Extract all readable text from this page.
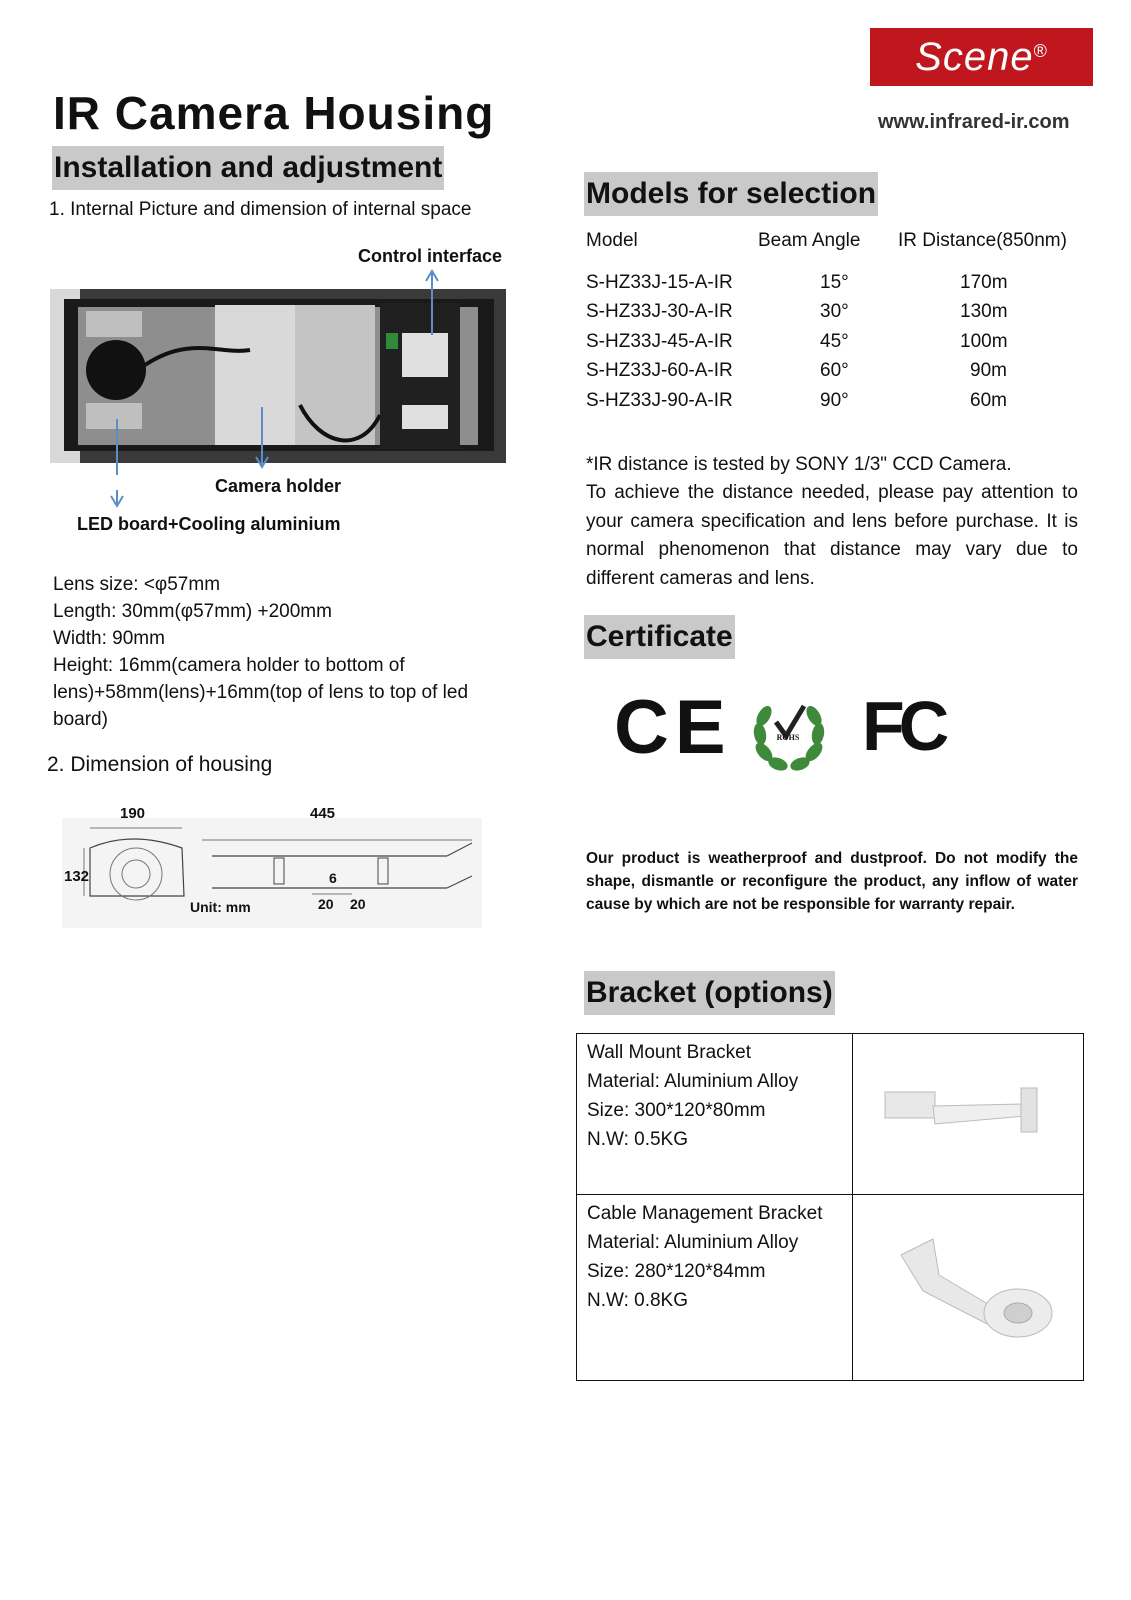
Scene®
www.infrared-ir.com
IR Camera Housing
Installation and adjustment
1. Internal Picture and dimension of internal space
Control interface
Camera holder
LED board+Cooling aluminium
Lens size: <φ57mm
Length: 30mm(φ57mm) +200mm
Width: 90mm
Height: 16mm(camera holder to bottom of lens)+58mm(lens)+16mm(top of lens to top of led board)
2. Dimension of housing
190	445
132	6
20 20
Unit: mm
Models for selection
Model	Beam Angle	IR Distance(850nm)
S-HZ33J-15-A-IR	15°	170m
S-HZ33J-30-A-IR	30°	130m
S-HZ33J-45-A-IR	45°	100m
S-HZ33J-60-A-IR	60°	90m
S-HZ33J-90-A-IR	90°	60m
*IR distance is tested by SONY 1/3" CCD Camera.
To achieve the distance needed, please pay attention to your camera specification and lens before purchase. It is normal phenomenon that distance may vary due to different cameras and lens.
Certificate
CE	ROHS FC
Our product is weatherproof and dustproof. Do not modify the shape, dismantle or reconfigure the product, any inflow of water cause by which are not be responsible for warranty repair.
Bracket (options)
Wall Mount Bracket
Material: Aluminium Alloy
Size: 300*120*80mm
N.W: 0.5KG

Cable Management Bracket
Material: Aluminium Alloy
Size: 280*120*84mm
N.W: 0.8KG
